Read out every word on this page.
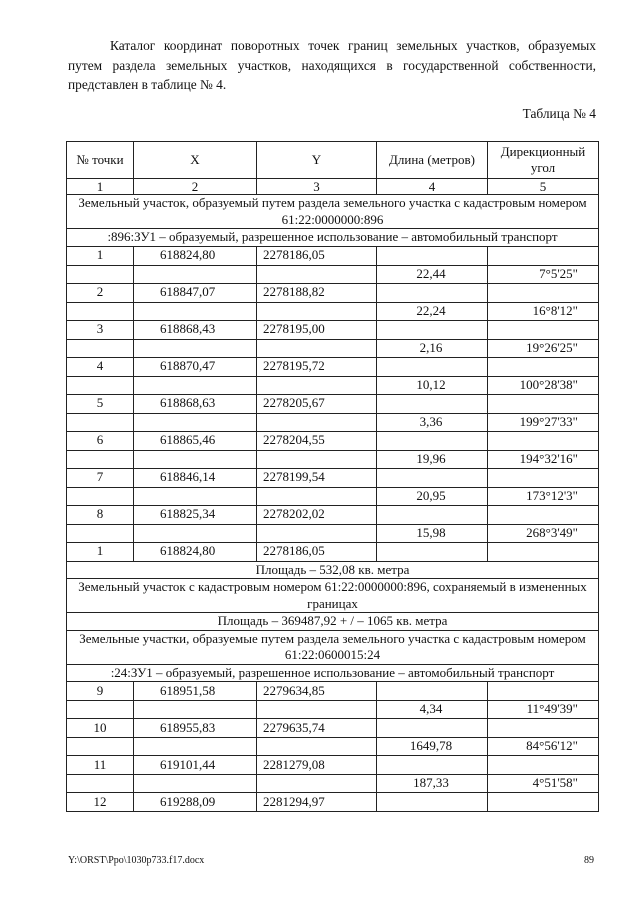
Каталог координат поворотных точек границ земельных участков, образуемых путем раздела земельных участков, находящихся в государственной собственности, представлен в таблице № 4.

Таблица № 4
№ точки	X	Y	Длина (метров)	Дирекционный угол
1	2	3	4	5
Земельный участок, образуемый путем раздела земельного участка с кадастровым номером 61:22:0000000:896				
:896:ЗУ1 – образуемый, разрешенное использование – автомобильный транспорт				
1	618824,80	2278186,05		
			22,44	7°5'25"
2	618847,07	2278188,82		
			22,24	16°8'12"
3	618868,43	2278195,00		
			2,16	19°26'25"
4	618870,47	2278195,72		
			10,12	100°28'38"
5	618868,63	2278205,67		
			3,36	199°27'33"
6	618865,46	2278204,55		
			19,96	194°32'16"
7	618846,14	2278199,54		
			20,95	173°12'3"
8	618825,34	2278202,02		
			15,98	268°3'49"
1	618824,80	2278186,05		
Площадь – 532,08 кв. метра				
Земельный участок с кадастровым номером 61:22:0000000:896, сохраняемый в измененных границах				
Площадь – 369487,92 + / – 1065 кв. метра				
Земельные участки, образуемые путем раздела земельного участка с кадастровым номером 61:22:0600015:24				
:24:ЗУ1 – образуемый, разрешенное использование – автомобильный транспорт				
9	618951,58	2279634,85		
			4,34	11°49'39"
10	618955,83	2279635,74		
			1649,78	84°56'12"
11	619101,44	2281279,08		
			187,33	4°51'58"
12	619288,09	2281294,97		
Y:\ORST\Ppo\1030p733.f17.docx	89
